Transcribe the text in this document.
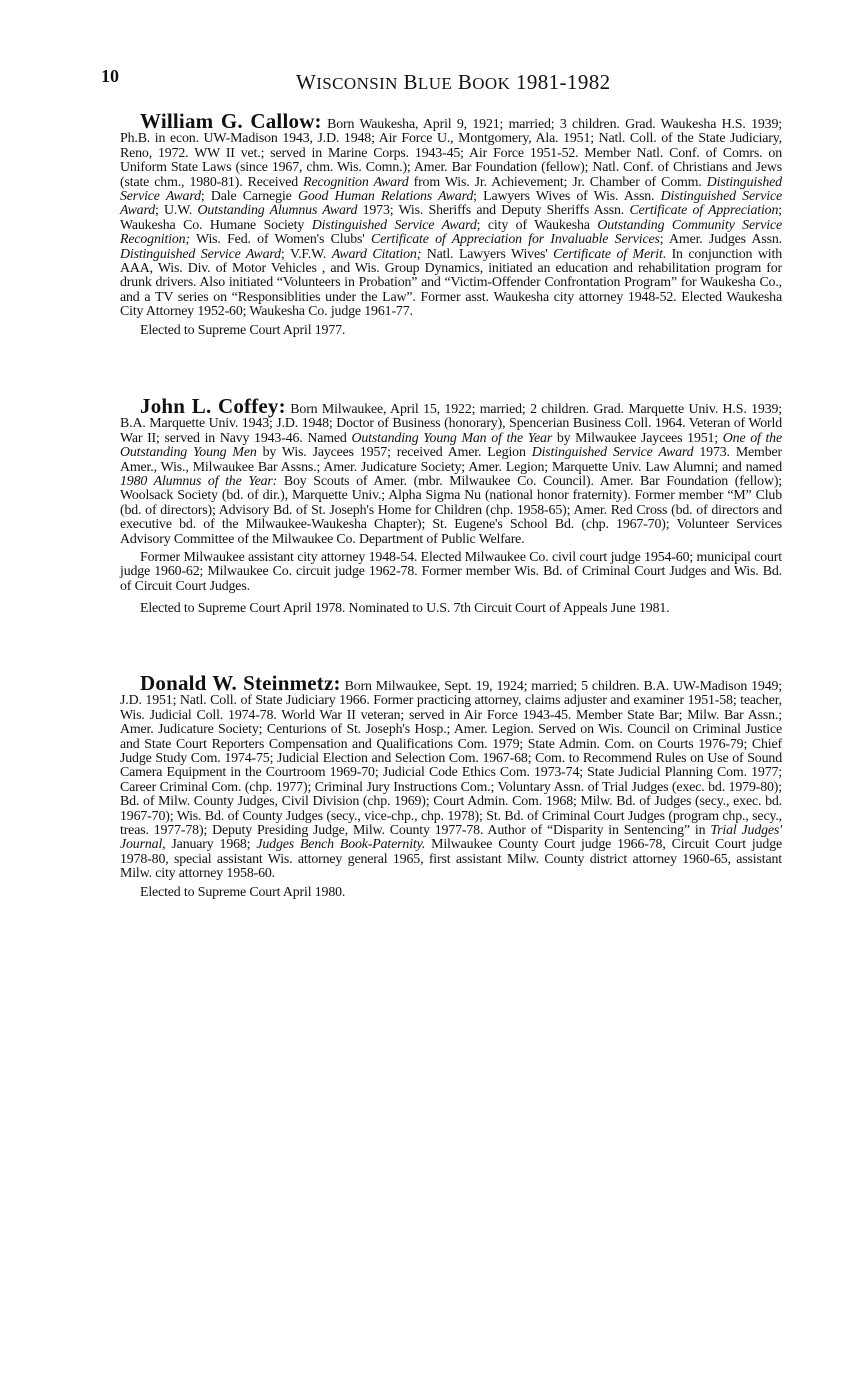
10	WISCONSIN BLUE BOOK 1981-1982

William G. Callow: Born Waukesha, April 9, 1921; married; 3 children. Grad. Waukesha H.S. 1939; Ph.B. in econ. UW-Madison 1943, J.D. 1948; Air Force U., Montgomery, Ala. 1951; Natl. Coll. of the State Judiciary, Reno, 1972. WW II vet.; served in Marine Corps. 1943-45; Air Force 1951-52. Member Natl. Conf. of Comrs. on Uniform State Laws (since 1967, chm. Wis. Comn.); Amer. Bar Foundation (fellow); Natl. Conf. of Christians and Jews (state chm., 1980-81). Received Recognition Award from Wis. Jr. Achievement; Jr. Chamber of Comm. Distinguished Service Award; Dale Carnegie Good Human Relations Award; Lawyers Wives of Wis. Assn. Distinguished Service Award; U.W. Outstanding Alumnus Award 1973; Wis. Sheriffs and Deputy Sheriffs Assn. Certificate of Appreciation; Waukesha Co. Humane Society Distinguished Service Award; city of Waukesha Outstanding Community Service Recognition; Wis. Fed. of Women's Clubs' Certificate of Appreciation for Invaluable Services; Amer. Judges Assn. Distinguished Service Award; V.F.W. Award Citation; Natl. Lawyers Wives' Certificate of Merit. In conjunction with AAA, Wis. Div. of Motor Vehicles , and Wis. Group Dynamics, initiated an education and rehabilitation program for drunk drivers. Also initiated “Volunteers in Probation” and “Victim-Offender Confrontation Program” for Waukesha Co., and a TV series on “Responsiblities under the Law”. Former asst. Waukesha city attorney 1948-52. Elected Waukesha City Attorney 1952-60; Waukesha Co. judge 1961-77.

Elected to Supreme Court April 1977.

John L. Coffey: Born Milwaukee, April 15, 1922; married; 2 children. Grad. Marquette Univ. H.S. 1939; B.A. Marquette Univ. 1943; J.D. 1948; Doctor of Business (honorary), Spencerian Business Coll. 1964. Veteran of World War II; served in Navy 1943-46. Named Outstanding Young Man of the Year by Milwaukee Jaycees 1951; One of the Outstanding Young Men by Wis. Jaycees 1957; received Amer. Legion Distinguished Service Award 1973. Member Amer., Wis., Milwaukee Bar Assns.; Amer. Judicature Society; Amer. Legion; Marquette Univ. Law Alumni; and named 1980 Alumnus of the Year: Boy Scouts of Amer. (mbr. Milwaukee Co. Council). Amer. Bar Foundation (fellow); Woolsack Society (bd. of dir.), Marquette Univ.; Alpha Sigma Nu (national honor fraternity). Former member “M” Club (bd. of directors); Advisory Bd. of St. Joseph's Home for Children (chp. 1958-65); Amer. Red Cross (bd. of directors and executive bd. of the Milwaukee-Waukesha Chapter); St. Eugene's School Bd. (chp. 1967-70); Volunteer Services Advisory Committee of the Milwaukee Co. Department of Public Welfare.

Former Milwaukee assistant city attorney 1948-54. Elected Milwaukee Co. civil court judge 1954-60; municipal court judge 1960-62; Milwaukee Co. circuit judge 1962-78. Former member Wis. Bd. of Criminal Court Judges and Wis. Bd. of Circuit Court Judges.

Elected to Supreme Court April 1978. Nominated to U.S. 7th Circuit Court of Appeals June 1981.

Donald W. Steinmetz: Born Milwaukee, Sept. 19, 1924; married; 5 children. B.A. UW-Madison 1949; J.D. 1951; Natl. Coll. of State Judiciary 1966. Former practicing attorney, claims adjuster and examiner 1951-58; teacher, Wis. Judicial Coll. 1974-78. World War II veteran; served in Air Force 1943-45. Member State Bar; Milw. Bar Assn.; Amer. Judicature Society; Centurions of St. Joseph's Hosp.; Amer. Legion. Served on Wis. Council on Criminal Justice and State Court Reporters Compensation and Qualifications Com. 1979; State Admin. Com. on Courts 1976-79; Chief Judge Study Com. 1974-75; Judicial Election and Selection Com. 1967-68; Com. to Recommend Rules on Use of Sound Camera Equipment in the Courtroom 1969-70; Judicial Code Ethics Com. 1973-74; State Judicial Planning Com. 1977; Career Criminal Com. (chp. 1977); Criminal Jury Instructions Com.; Voluntary Assn. of Trial Judges (exec. bd. 1979-80); Bd. of Milw. County Judges, Civil Division (chp. 1969); Court Admin. Com. 1968; Milw. Bd. of Judges (secy., exec. bd. 1967-70); Wis. Bd. of County Judges (secy., vice-chp., chp. 1978); St. Bd. of Criminal Court Judges (program chp., secy., treas. 1977-78); Deputy Presiding Judge, Milw. County 1977-78. Author of “Disparity in Sentencing” in Trial Judges' Journal, January 1968; Judges Bench Book-Paternity. Milwaukee County Court judge 1966-78, Circuit Court judge 1978-80, special assistant Wis. attorney general 1965, first assistant Milw. County district attorney 1960-65, assistant Milw. city attorney 1958-60.

Elected to Supreme Court April 1980.
